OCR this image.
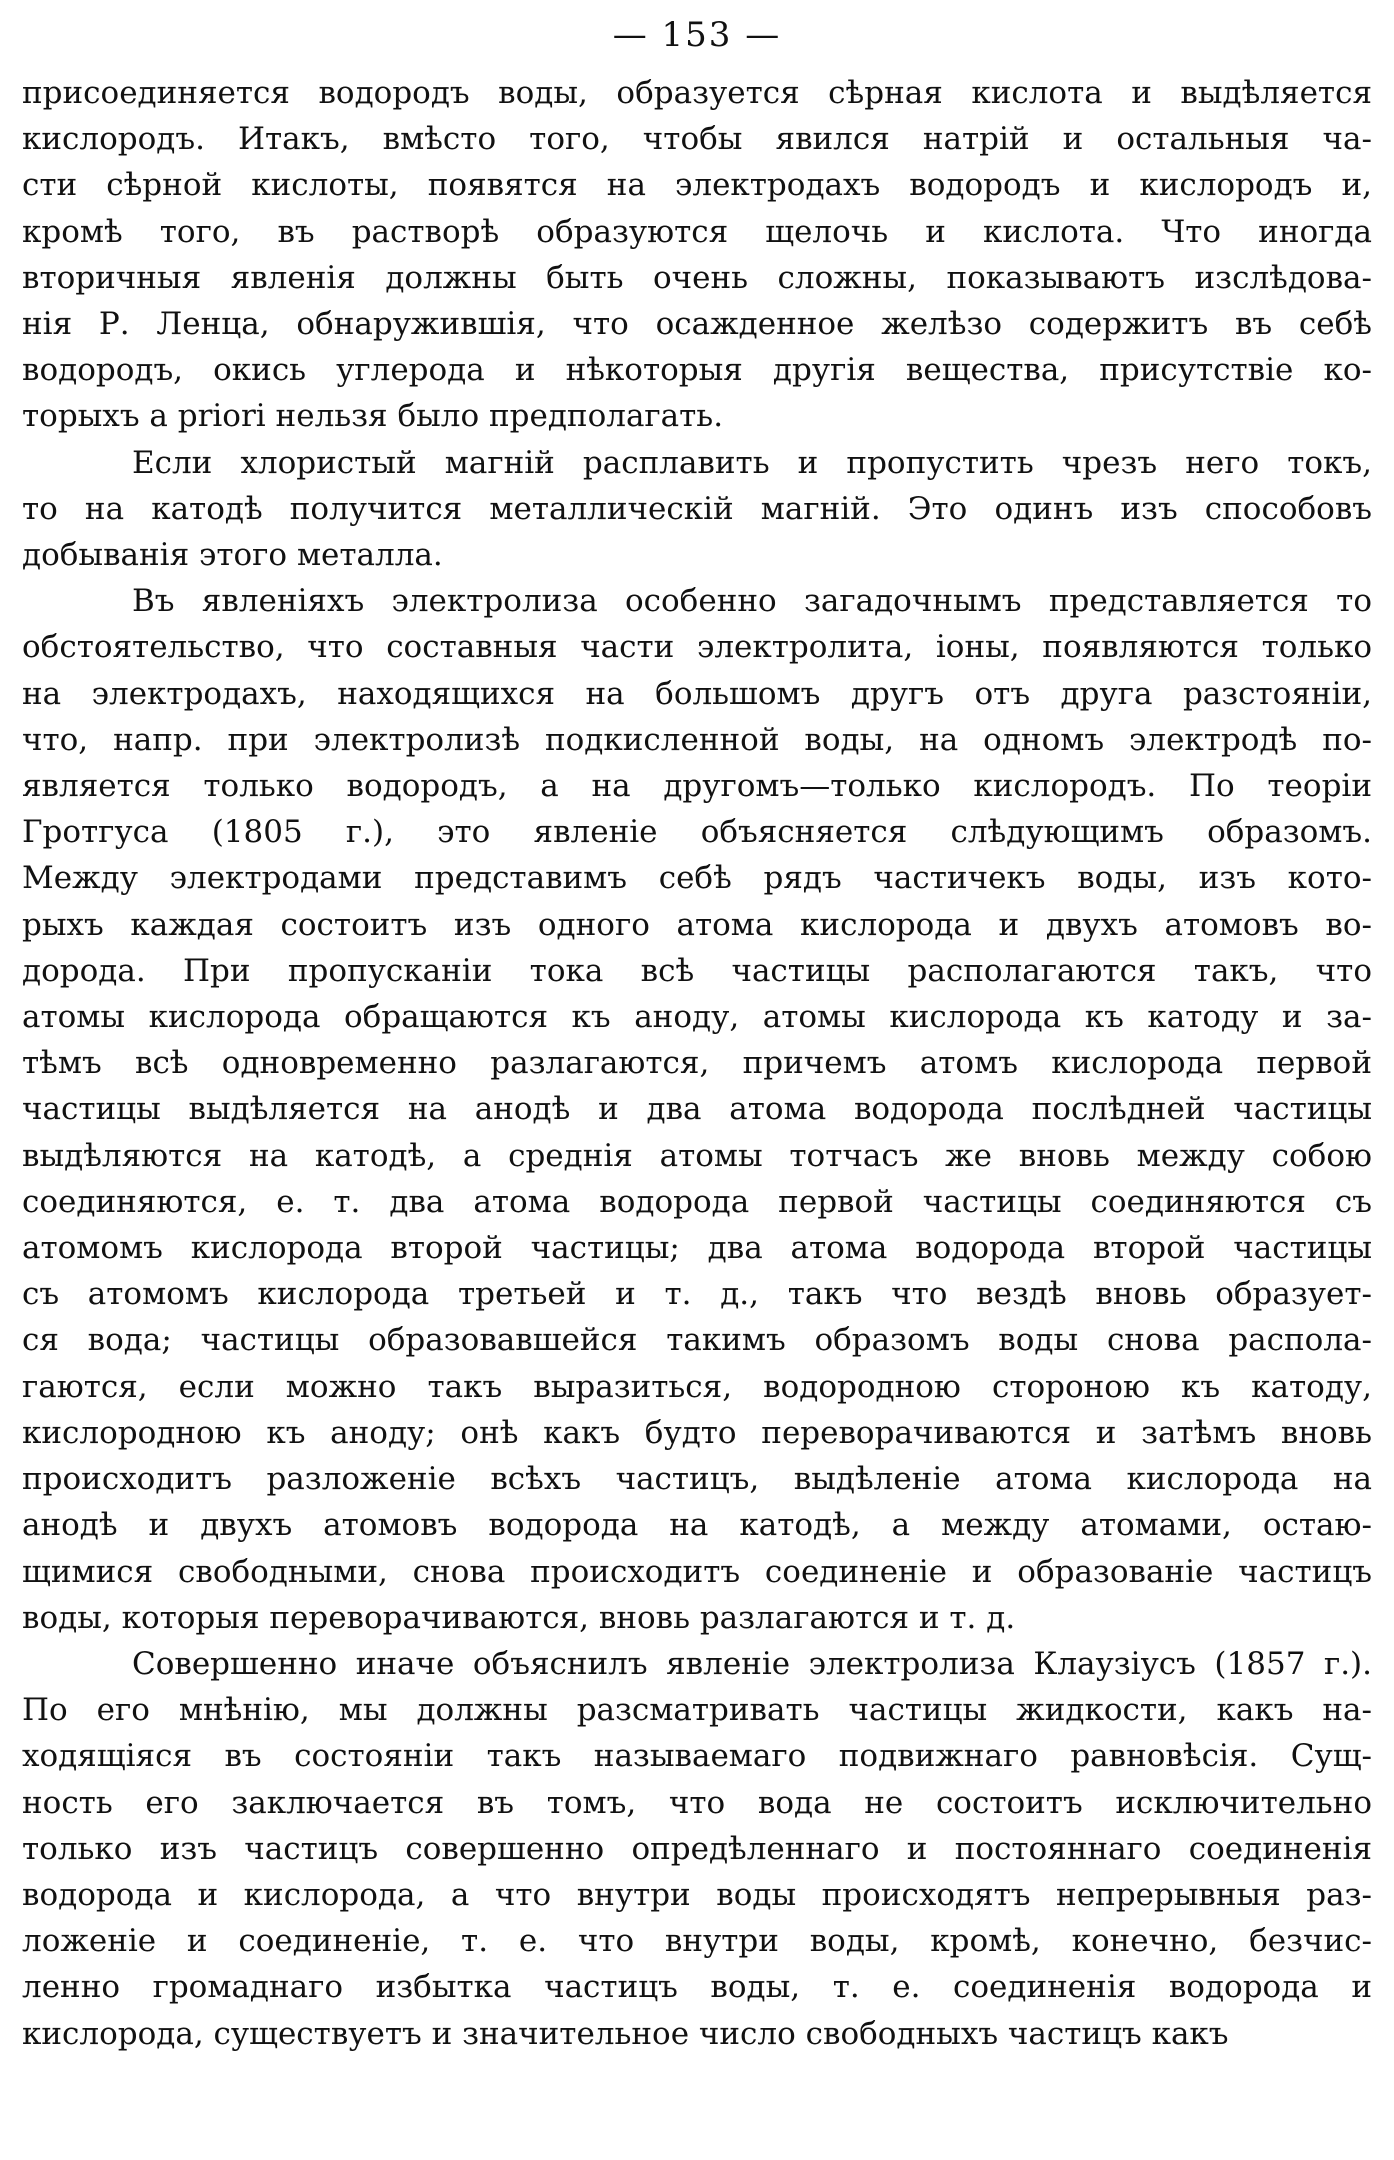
— 153 —
присоединяется водородъ воды, образуется сѣрная кислота и выдѣляется
кислородъ. Итакъ, вмѣсто того, чтобы явился натрій и остальныя ча-
сти сѣрной кислоты, появятся на электродахъ водородъ и кислородъ и,
кромѣ того, въ растворѣ образуются щелочь и кислота. Что иногда
вторичныя явленія должны быть очень сложны, показываютъ изслѣдова-
нія Р. Ленца, обнаружившія, что осажденное желѣзо содержитъ въ себѣ
водородъ, окись углерода и нѣкоторыя другія вещества, присутствіе ко-
торыхъ a priori нельзя было предполагать.
Если хлористый магній расплавить и пропустить чрезъ него токъ,
то на катодѣ получится металлическій магній. Это одинъ изъ способовъ
добыванія этого металла.
Въ явленіяхъ электролиза особенно загадочнымъ представляется то
обстоятельство, что составныя части электролита, іоны, появляются только
на электродахъ, находящихся на большомъ другъ отъ друга разстояніи,
что, напр. при электролизѣ подкисленной воды, на одномъ электродѣ по-
является только водородъ, а на другомъ—только кислородъ. По теоріи
Гротгуса (1805 г.), это явленіе объясняется слѣдующимъ образомъ.
Между электродами представимъ себѣ рядъ частичекъ воды, изъ кото-
рыхъ каждая состоитъ изъ одного атома кислорода и двухъ атомовъ во-
дорода. При пропусканіи тока всѣ частицы располагаются такъ, что
атомы кислорода обращаются къ аноду, атомы кислорода къ катоду и за-
тѣмъ всѣ одновременно разлагаются, причемъ атомъ кислорода первой
частицы выдѣляется на анодѣ и два атома водорода послѣдней частицы
выдѣляются на катодѣ, а среднія атомы тотчасъ же вновь между собою
соединяются, е. т. два атома водорода первой частицы соединяются съ
атомомъ кислорода второй частицы; два атома водорода второй частицы
съ атомомъ кислорода третьей и т. д., такъ что вездѣ вновь образует-
ся вода; частицы образовавшейся такимъ образомъ воды снова распола-
гаются, если можно такъ выразиться, водородною стороною къ катоду,
кислородною къ аноду; онѣ какъ будто переворачиваются и затѣмъ вновь
происходитъ разложеніе всѣхъ частицъ, выдѣленіе атома кислорода на
анодѣ и двухъ атомовъ водорода на катодѣ, а между атомами, остаю-
щимися свободными, снова происходитъ соединеніе и образованіе частицъ
воды, которыя переворачиваются, вновь разлагаются и т. д.
Совершенно иначе объяснилъ явленіе электролиза Клаузіусъ (1857 г.).
По его мнѣнію, мы должны разсматривать частицы жидкости, какъ на-
ходящіяся въ состояніи такъ называемаго подвижнаго равновѣсія. Сущ-
ность его заключается въ томъ, что вода не состоитъ исключительно
только изъ частицъ совершенно опредѣленнаго и постояннаго соединенія
водорода и кислорода, а что внутри воды происходятъ непрерывныя раз-
ложеніе и соединеніе, т. е. что внутри воды, кромѣ, конечно, безчис-
ленно громаднаго избытка частицъ воды, т. е. соединенія водорода и
кислорода, существуетъ и значительное число свободныхъ частицъ какъ
